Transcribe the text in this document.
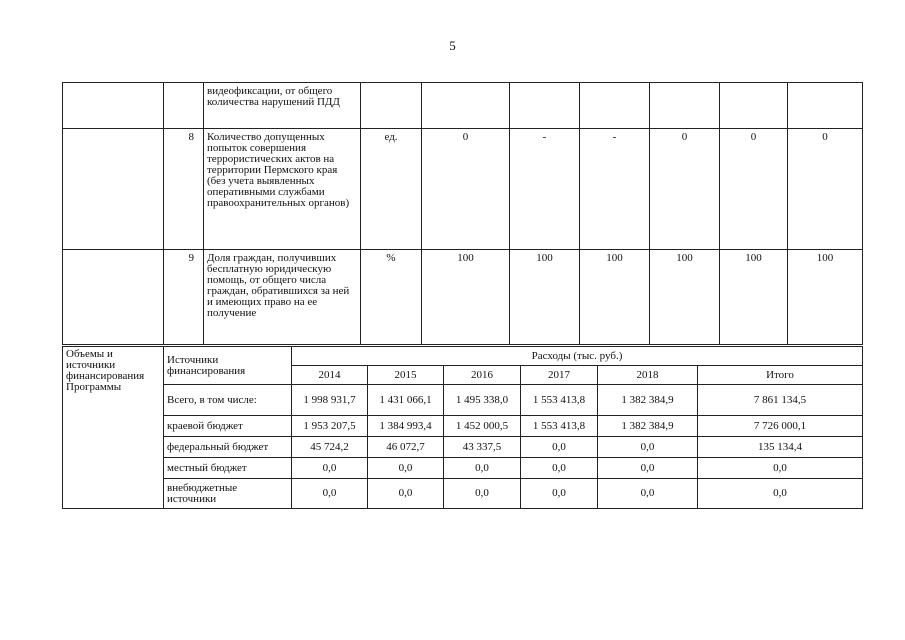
5
		видеофиксации, от общего количества нарушений ПДД							
	8	Количество допущенных попыток совершения террористических актов на территории Пермского края (без учета выявленных оперативными службами правоохранительных органов)	ед.	0	-	-	0	0	0
	9	Доля граждан, получивших бесплатную юридическую помощь, от общего числа граждан, обратившихся за ней и имеющих право на ее получение	%	100	100	100	100	100	100
Объемы и источники финансирования Программы	Источники финансирования	Расходы (тыс. руб.)					
		2014	2015	2016	2017	2018	Итого
	Всего, в том числе:	1 998 931,7	1 431 066,1	1 495 338,0	1 553 413,8	1 382 384,9	7 861 134,5
	краевой бюджет	1 953 207,5	1 384 993,4	1 452 000,5	1 553 413,8	1 382 384,9	7 726 000,1
	федеральный бюджет	45 724,2	46 072,7	43 337,5	0,0	0,0	135 134,4
	местный бюджет	0,0	0,0	0,0	0,0	0,0	0,0
	внебюджетные источники	0,0	0,0	0,0	0,0	0,0	0,0
